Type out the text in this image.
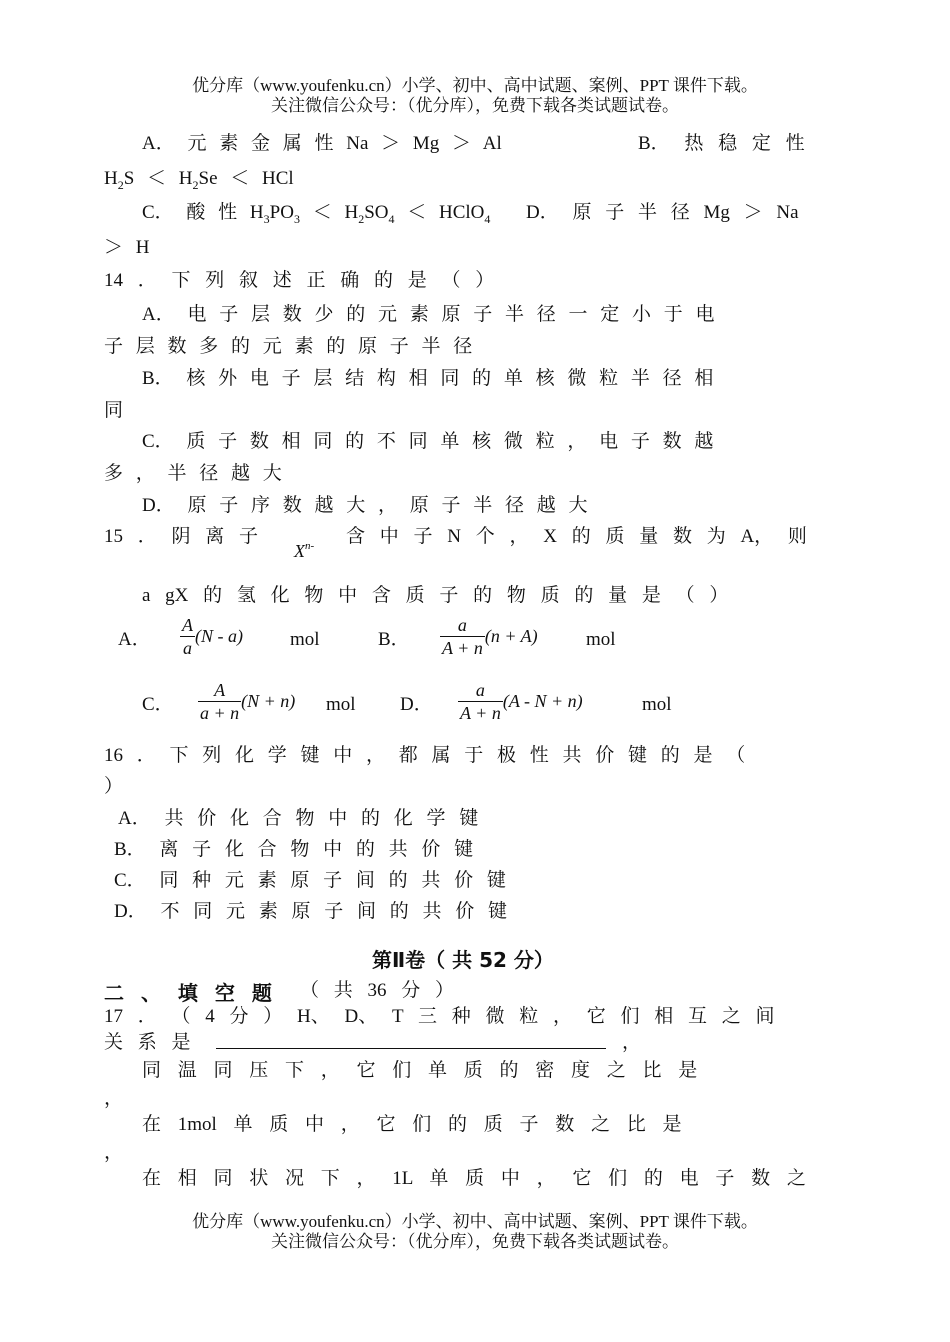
优分库（www.youfenku.cn）小学、初中、高中试题、案例、PPT 课件下载。
关注微信公众号：（优分库），免费下载各类试题试卷。
A． 元 素 金 属 性 Na ＞ Mg ＞ Al	B． 热 稳 定 性
$H_2S < H_2Se$ ＜ HCl
C． 酸 性 $H_3PO_3 < H_2SO_4$ ＜ HClO$_4$ D． 原 子 半 径 Mg ＞ Na
＞ H
14 ． 下 列 叙 述 正 确 的 是 （ ）
A． 电 子 层 数 少 的 元 素 原 子 半 径 一 定 小 于 电
子 层 数 多 的 元 素 的 原 子 半 径
B． 核 外 电 子 层 结 构 相 同 的 单 核 微 粒 半 径 相
同
C． 质 子 数 相 同 的 不 同 单 核 微 粒 ， 电 子 数 越
多 ， 半 径 越 大
D． 原 子 序 数 越 大 ， 原 子 半 径 越 大
15 ． 阴 离 子
$X^{n-}$ 含 中 子 N 个 ， X 的 质 量 数 为 A， 则
a gX 的 氢 化 物 中 含 质 子 的 物 质 的 量 是 （ ）
A． $\frac{A}{a} (N - a)$ mol	B． $\frac{a}{A + n} (n + A)$	mol
C． $\frac{A}{a + n} (N + n)$ mol D． $\frac{a}{A + n} (A - N + n)$	mol
16 ． 下 列 化 学 键 中 ， 都 属 于 极 性 共 价 键 的 是 （
）
A． 共 价 化 合 物 中 的 化 学 键
B． 离 子 化 合 物 中 的 共 价 键
C． 同 种 元 素 原 子 间 的 共 价 键
D． 不 同 元 素 原 子 间 的 共 价 键
第Ⅱ卷（ 共 52 分）
二 、 填 空 题 （ 共 36 分 ）
17 ． （ 4 分 ） H、 D、 T 三 种 微 粒 ， 它 们 相 互 之 间
关 系 是	，
同 温 同 压 下 ， 它 们 单 质 的 密 度 之 比 是
，
在 1mol 单 质 中 ， 它 们 的 质 子 数 之 比 是
，
在 相 同 状 况 下 ， 1L 单 质 中 ， 它 们 的 电 子 数 之
优分库（www.youfenku.cn）小学、初中、高中试题、案例、PPT 课件下载。
关注微信公众号：（优分库），免费下载各类试题试卷。
